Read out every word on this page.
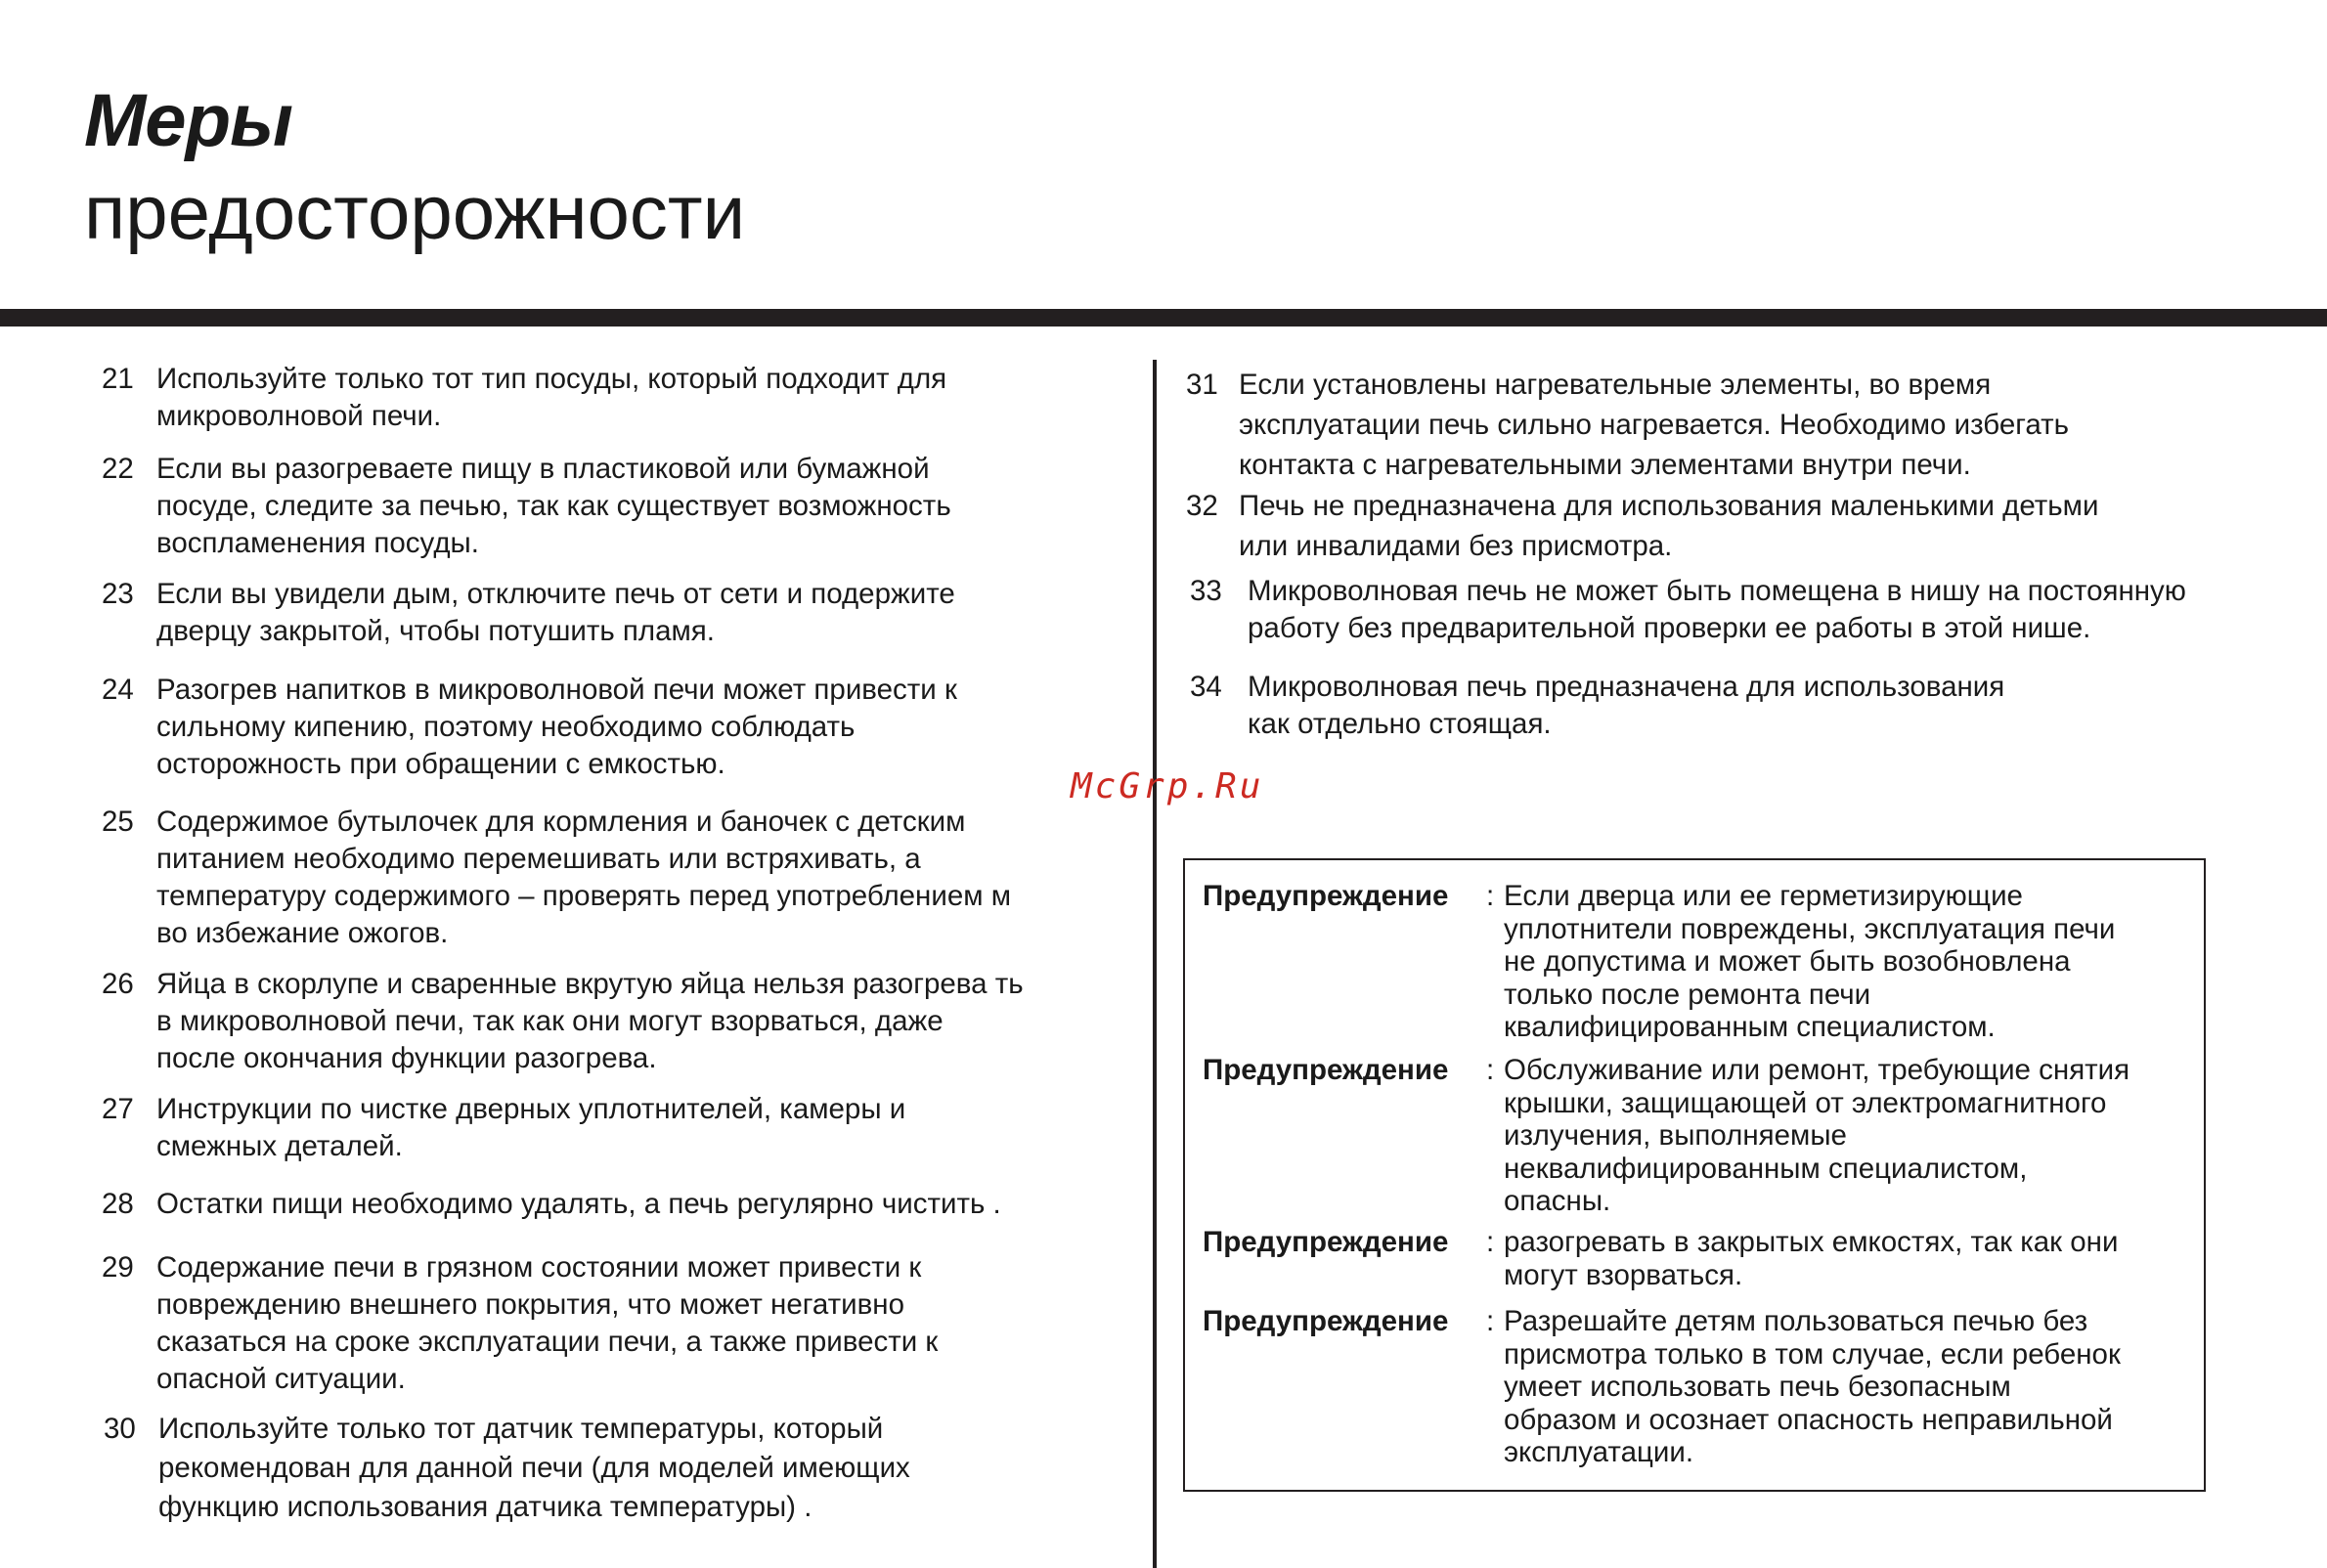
Меры
предосторожности
21 Используйте только тот тип посуды, который подходит для
микроволновой печи.
22 Если вы разогреваете пищу в пластиковой или бумажной
посуде, следите за печью, так как существует возможность
воспламенения посуды.
23 Если вы увидели дым, отключите печь от сети и подержите
дверцу закрытой, чтобы потушить пламя.
24 Разогрев напитков в микроволновой печи может привести к
сильному кипению, поэтому необходимо соблюдать
осторожность при обращении с емкостью.
25 Содержимое бутылочек для кормления и баночек с детским
питанием необходимо перемешивать или встряхивать, а
температуру содержимого – проверять перед употреблением м
во избежание ожогов.
26 Яйца в скорлупе и сваренные вкрутую яйца нельзя разогрева ть
в микроволновой печи, так как они могут взорваться, даже
после окончания функции разогрева.
27 Инструкции по чистке дверных уплотнителей, камеры и
смежных деталей.
28 Остатки пищи необходимо удалять, а печь регулярно чистить .
29 Содержание печи в грязном состоянии может привести к
повреждению внешнего покрытия, что может негативно
сказаться на сроке эксплуатации печи, а также привести к
опасной ситуации.
30 Используйте только тот датчик температуры, который
рекомендован для данной печи (для моделей имеющих
функцию использования датчика температуры) .
31 Если установлены нагревательные элементы, во время
эксплуатации печь сильно нагревается. Необходимо избегать
контакта с нагревательными элементами внутри печи.
32 Печь не предназначена для использования маленькими детьми
или инвалидами без присмотра.
33 Микроволновая печь не может быть помещена в нишу на постоянную
работу без предварительной проверки ее работы в этой нише.
34 Микроволновая печь предназначена для использования
как отдельно стоящая.
McGrp.Ru
Предупреждение : Если дверца или ее герметизирующие
уплотнители повреждены, эксплуатация печи
не допустима и может быть возобновлена
только после ремонта печи
квалифицированным специалистом.
Предупреждение : Обслуживание или ремонт, требующие снятия
крышки, защищающей от электромагнитного
излучения, выполняемые
неквалифицированным специалистом,
опасны.
Предупреждение : разогревать в закрытых емкостях, так как они
могут взорваться.
Предупреждение : Разрешайте детям пользоваться печью без
присмотра только в том случае, если ребенок
умеет использовать печь безопасным
образом и осознает опасность неправильной
эксплуатации.
